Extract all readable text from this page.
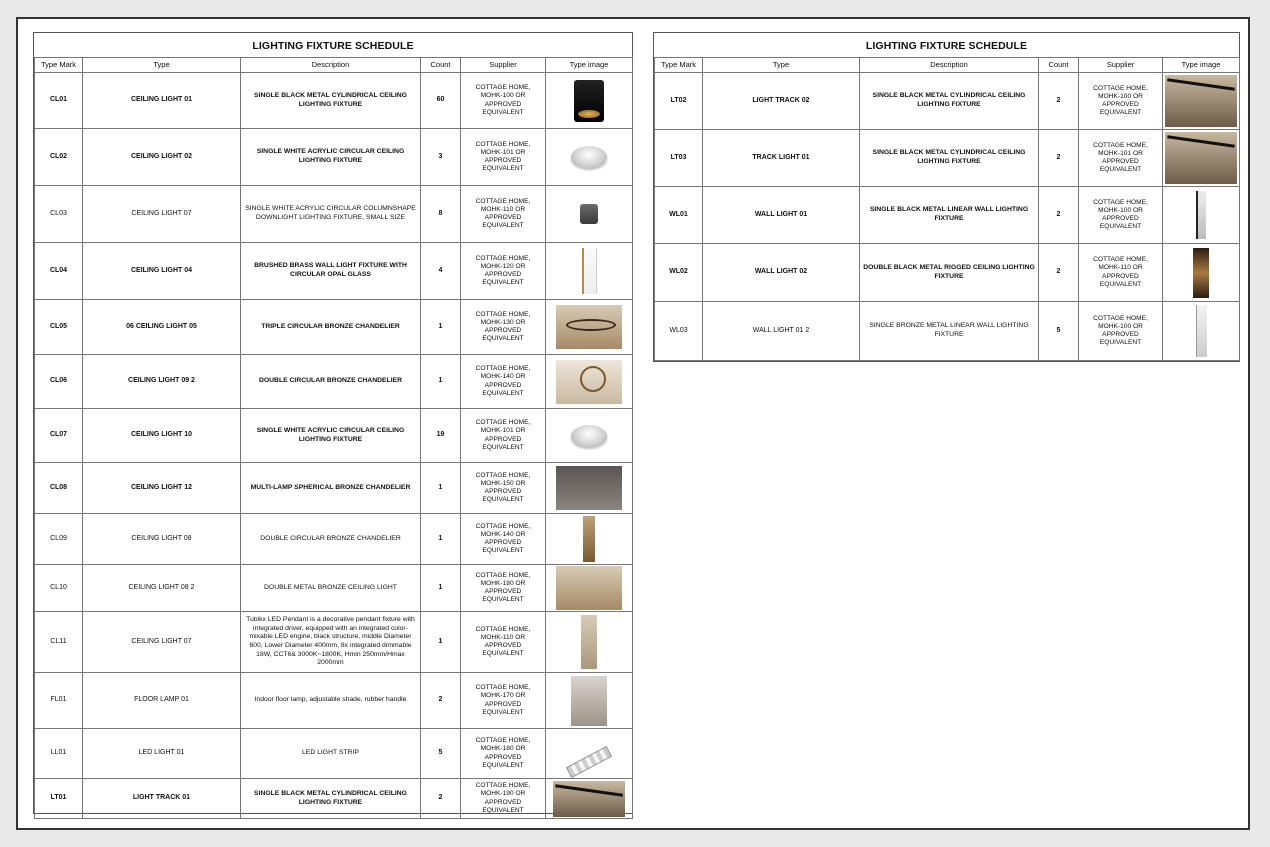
LIGHTING FIXTURE SCHEDULE
Type Mark	Type	Description	Count	Supplier	Type image
CL01	CEILING LIGHT 01	SINGLE BLACK METAL CYLINDRICAL CEILING LIGHTING FIXTURE	60	COTTAGE HOME, MOHK-100 OR APPROVED EQUIVALENT	

CL02	CEILING LIGHT 02	SINGLE WHITE ACRYLIC CIRCULAR CEILING LIGHTING FIXTURE	3	COTTAGE HOME, MOHK-101 OR APPROVED EQUIVALENT	

CL03	CEILING LIGHT 07	SINGLE WHITE ACRYLIC CIRCULAR COLUMNSHAPE DOWNLIGHT LIGHTING FIXTURE, SMALL SIZE	8	COTTAGE HOME, MOHK-110 OR APPROVED EQUIVALENT	

CL04	CEILING LIGHT 04	BRUSHED BRASS WALL LIGHT FIXTURE WITH CIRCULAR OPAL GLASS	4	COTTAGE HOME, MOHK-120 OR APPROVED EQUIVALENT	

CL05	06 CEILING LIGHT 05	TRIPLE CIRCULAR BRONZE CHANDELIER	1	COTTAGE HOME, MOHK-130 OR APPROVED EQUIVALENT	

CL06	CEILING LIGHT 09 2	DOUBLE CIRCULAR BRONZE CHANDELIER	1	COTTAGE HOME, MOHK-140 OR APPROVED EQUIVALENT	

CL07	CEILING LIGHT 10	SINGLE WHITE ACRYLIC CIRCULAR CEILING LIGHTING FIXTURE	19	COTTAGE HOME, MOHK-101 OR APPROVED EQUIVALENT	

CL08	CEILING LIGHT 12	MULTI-LAMP SPHERICAL BRONZE CHANDELIER	1	COTTAGE HOME, MOHK-150 OR APPROVED EQUIVALENT	

CL09	CEILING LIGHT 08	DOUBLE CIRCULAR BRONZE CHANDELIER	1	COTTAGE HOME, MOHK-140 OR APPROVED EQUIVALENT	

CL10	CEILING LIGHT 08 2	DOUBLE METAL BRONZE CEILING LIGHT	1	COTTAGE HOME, MOHK-180 OR APPROVED EQUIVALENT	

CL11	CEILING LIGHT 07	Tubikx LED Pendant is a decorative pendant fixture with integrated driver, equipped with an integrated color-mixable LED engine, black structure, middle Diameter 600, Lower Diameter 400mm, 8x integrated dimmable 18W, CCT6& 3000K~1800K, Hmin 250mm/Hmax 2000mm	1	COTTAGE HOME, MOHK-110 OR APPROVED EQUIVALENT	

FL01	FLOOR LAMP 01	Indoor floor lamp, adjustable shade, rubber handle	2	COTTAGE HOME, MOHK-170 OR APPROVED EQUIVALENT	

LL01	LED LIGHT 01	LED LIGHT STRIP	5	COTTAGE HOME, MOHK-180 OR APPROVED EQUIVALENT	

LT01	LIGHT TRACK 01	SINGLE BLACK METAL CYLINDRICAL CEILING LIGHTING FIXTURE	2	COTTAGE HOME, MOHK-190 OR APPROVED EQUIVALENT	
LIGHTING FIXTURE SCHEDULE
Type Mark	Type	Description	Count	Supplier	Type image
LT02	LIGHT TRACK 02	SINGLE BLACK METAL CYLINDRICAL CEILING LIGHTING FIXTURE	2	COTTAGE HOME, MOHK-100 OR APPROVED EQUIVALENT	

LT03	TRACK LIGHT 01	SINGLE BLACK METAL CYLINDRICAL CEILING LIGHTING FIXTURE	2	COTTAGE HOME, MOHK-101 OR APPROVED EQUIVALENT	

WL01	WALL LIGHT 01	SINGLE BLACK METAL LINEAR WALL LIGHTING FIXTURE	2	COTTAGE HOME, MOHK-100 OR APPROVED EQUIVALENT	

WL02	WALL LIGHT 02	DOUBLE BLACK METAL RIGGED CEILING LIGHTING FIXTURE	2	COTTAGE HOME, MOHK-110 OR APPROVED EQUIVALENT	

WL03	WALL LIGHT 01 2	SINGLE BRONZE METAL LINEAR WALL LIGHTING FIXTURE	5	COTTAGE HOME, MOHK-100 OR APPROVED EQUIVALENT	
